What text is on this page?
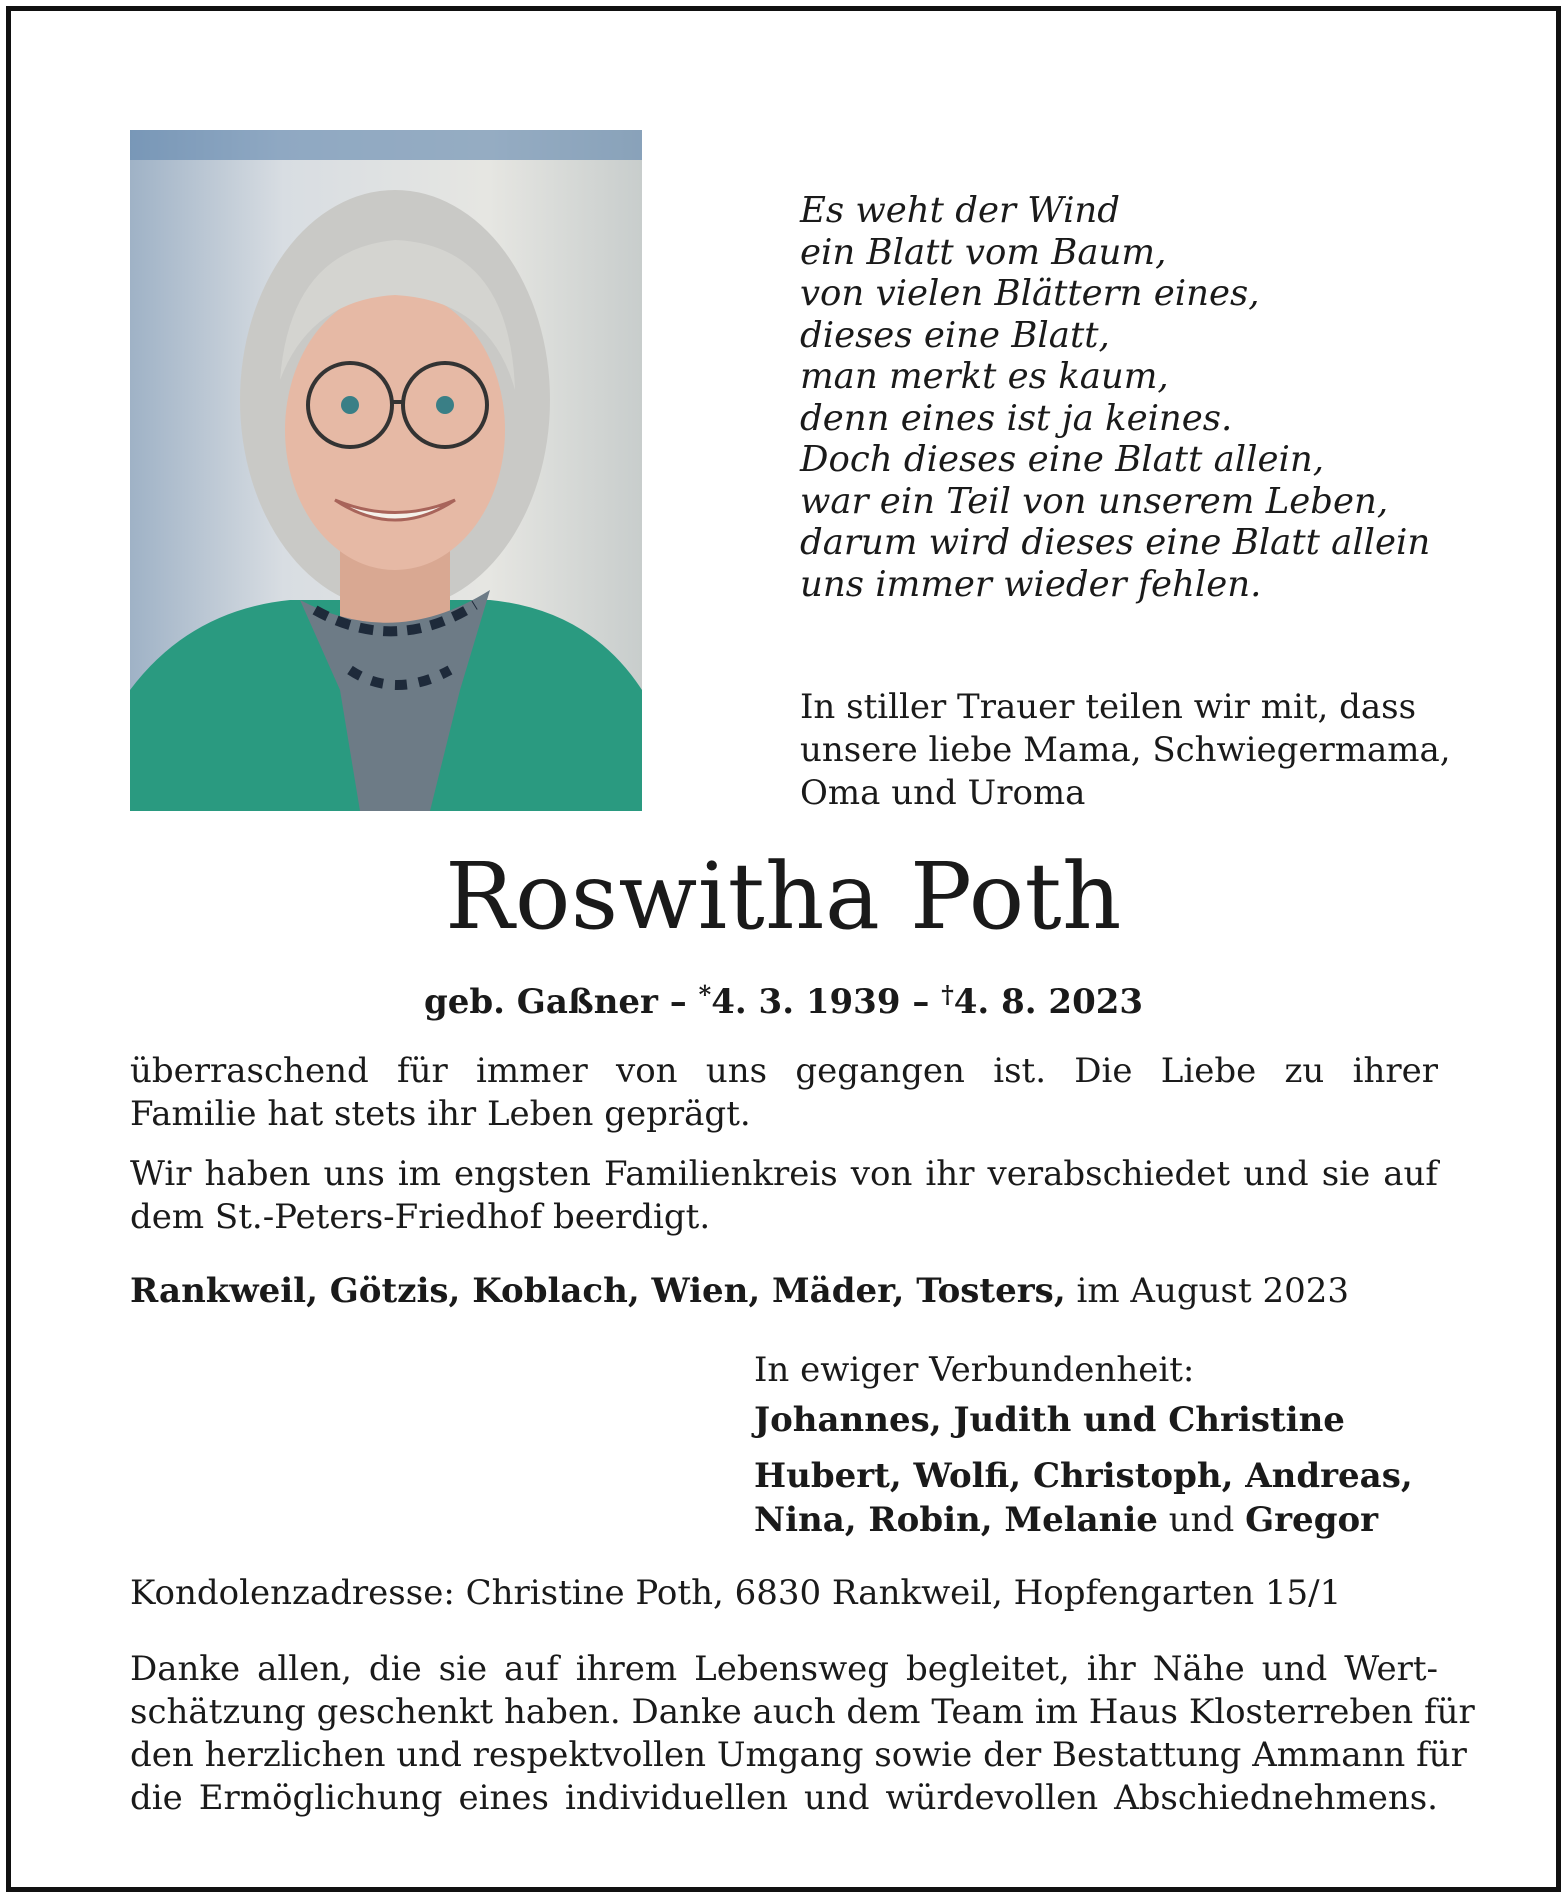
Es weht der Wind
ein Blatt vom Baum,
von vielen Blättern eines,
dieses eine Blatt,
man merkt es kaum,
denn eines ist ja keines.
Doch dieses eine Blatt allein,
war ein Teil von unserem Leben,
darum wird dieses eine Blatt allein
uns immer wieder fehlen.
In stiller Trauer teilen wir mit, dass
unsere liebe Mama, Schwiegermama,
Oma und Uroma
Roswitha Poth
geb. Gaßner – *4. 3. 1939 – †4. 8. 2023
überraschend für immer von uns gegangen ist. Die Liebe zu ihrer
Familie hat stets ihr Leben geprägt.
Wir haben uns im engsten Familienkreis von ihr verabschiedet und sie auf
dem St.-Peters-Friedhof beerdigt.
Rankweil, Götzis, Koblach, Wien, Mäder, Tosters, im August 2023
In ewiger Verbundenheit:
Johannes, Judith und Christine
Hubert, Wolfi, Christoph, Andreas,
Nina, Robin, Melanie und Gregor
Kondolenzadresse: Christine Poth, 6830 Rankweil, Hopfengarten 15/1
Danke allen, die sie auf ihrem Lebensweg begleitet, ihr Nähe und Wert-
schätzung geschenkt haben. Danke auch dem Team im Haus Klosterreben für
den herzlichen und respektvollen Umgang sowie der Bestattung Ammann für
die Ermöglichung eines individuellen und würdevollen Abschiednehmens.
